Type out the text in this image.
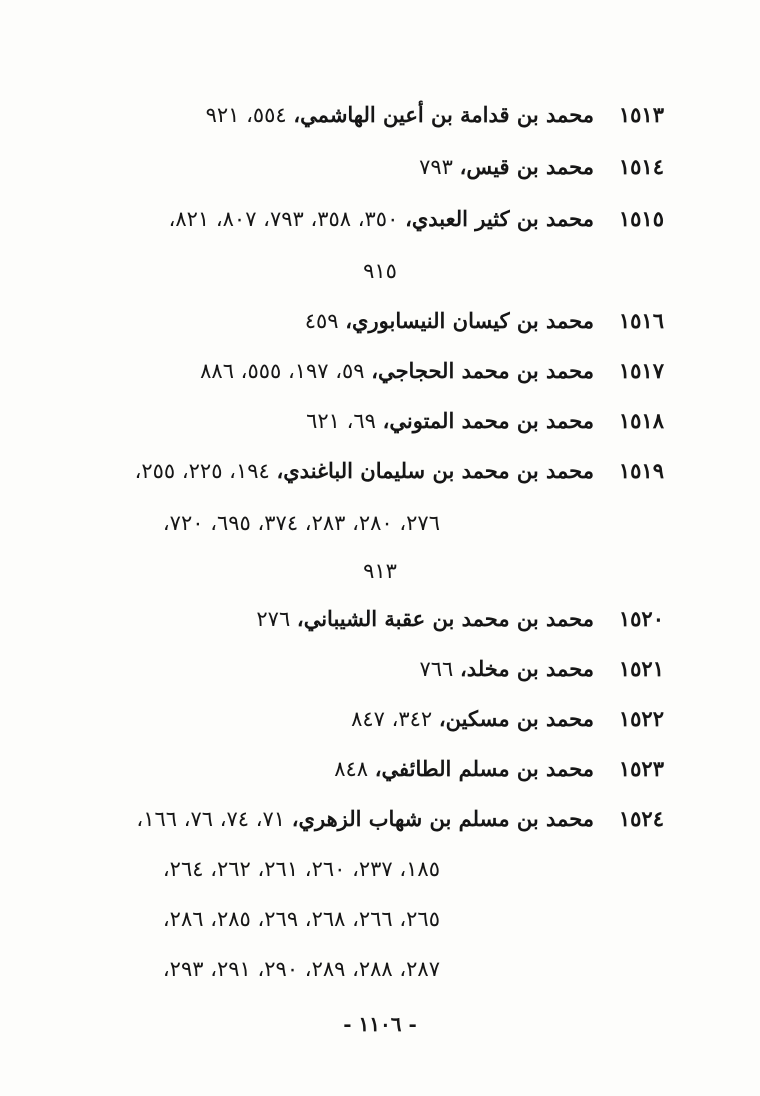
١٥١٣
محمد بن قدامة بن أعين الهاشمي، ٥٥٤، ٩٢١
١٥١٤
محمد بن قيس، ٧٩٣
١٥١٥
محمد بن كثير العبدي، ٣٥٠، ٣٥٨، ٧٩٣، ٨٠٧، ٨٢١،
٩١٥
١٥١٦
محمد بن كيسان النيسابوري، ٤٥٩
١٥١٧
محمد بن محمد الحجاجي، ٥٩، ١٩٧، ٥٥٥، ٨٨٦
١٥١٨
محمد بن محمد المتوني، ٦٩، ٦٢١
١٥١٩
محمد بن محمد بن سليمان الباغندي، ١٩٤، ٢٢٥، ٢٥٥،
٢٧٦، ٢٨٠، ٢٨٣، ٣٧٤، ٦٩٥، ٧٢٠،
٩١٣
١٥٢٠
محمد بن محمد بن عقبة الشيباني، ٢٧٦
١٥٢١
محمد بن مخلد، ٧٦٦
١٥٢٢
محمد بن مسكين، ٣٤٢، ٨٤٧
١٥٢٣
محمد بن مسلم الطائفي، ٨٤٨
١٥٢٤
محمد بن مسلم بن شهاب الزهري، ٧١، ٧٤، ٧٦، ١٦٦،
١٨٥، ٢٣٧، ٢٦٠، ٢٦١، ٢٦٢، ٢٦٤،
٢٦٥، ٢٦٦، ٢٦٨، ٢٦٩، ٢٨٥، ٢٨٦،
٢٨٧، ٢٨٨، ٢٨٩، ٢٩٠، ٢٩١، ٢٩٣،
- ١١٠٦ -
